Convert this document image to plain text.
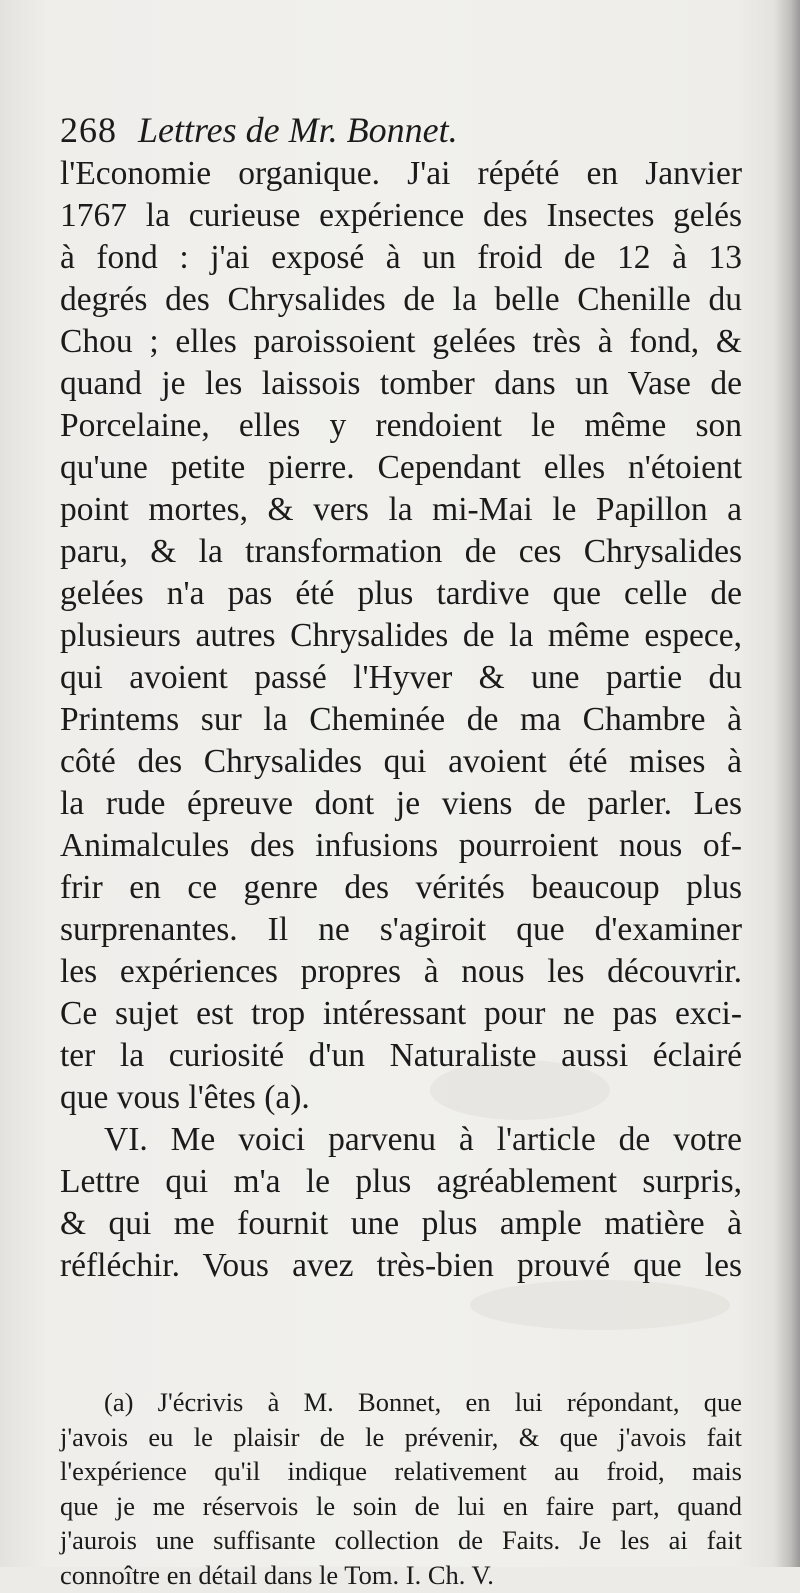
268 Lettres de Mr. Bonnet.
l'Economie organique. J'ai répété en Janvier
1767 la curieuse expérience des Insectes gelés
à fond : j'ai exposé à un froid de 12 à 13
degrés des Chrysalides de la belle Chenille du
Chou ; elles paroissoient gelées très à fond, &
quand je les laissois tomber dans un Vase de
Porcelaine, elles y rendoient le même son
qu'une petite pierre. Cependant elles n'étoient
point mortes, & vers la mi-Mai le Papillon a
paru, & la transformation de ces Chrysalides
gelées n'a pas été plus tardive que celle de
plusieurs autres Chrysalides de la même espece,
qui avoient passé l'Hyver & une partie du
Printems sur la Cheminée de ma Chambre à
côté des Chrysalides qui avoient été mises à
la rude épreuve dont je viens de parler. Les
Animalcules des infusions pourroient nous of-
frir en ce genre des vérités beaucoup plus
surprenantes. Il ne s'agiroit que d'examiner
les expériences propres à nous les découvrir.
Ce sujet est trop intéressant pour ne pas exci-
ter la curiosité d'un Naturaliste aussi éclairé
que vous l'êtes (a).
VI. Me voici parvenu à l'article de votre
Lettre qui m'a le plus agréablement surpris,
& qui me fournit une plus ample matière à
réfléchir. Vous avez très-bien prouvé que les
(a) J'écrivis à M. Bonnet, en lui répondant, que
j'avois eu le plaisir de le prévenir, & que j'avois fait
l'expérience qu'il indique relativement au froid, mais
que je me réservois le soin de lui en faire part, quand
j'aurois une suffisante collection de Faits. Je les ai fait
connoître en détail dans le Tom. I. Ch. V.
